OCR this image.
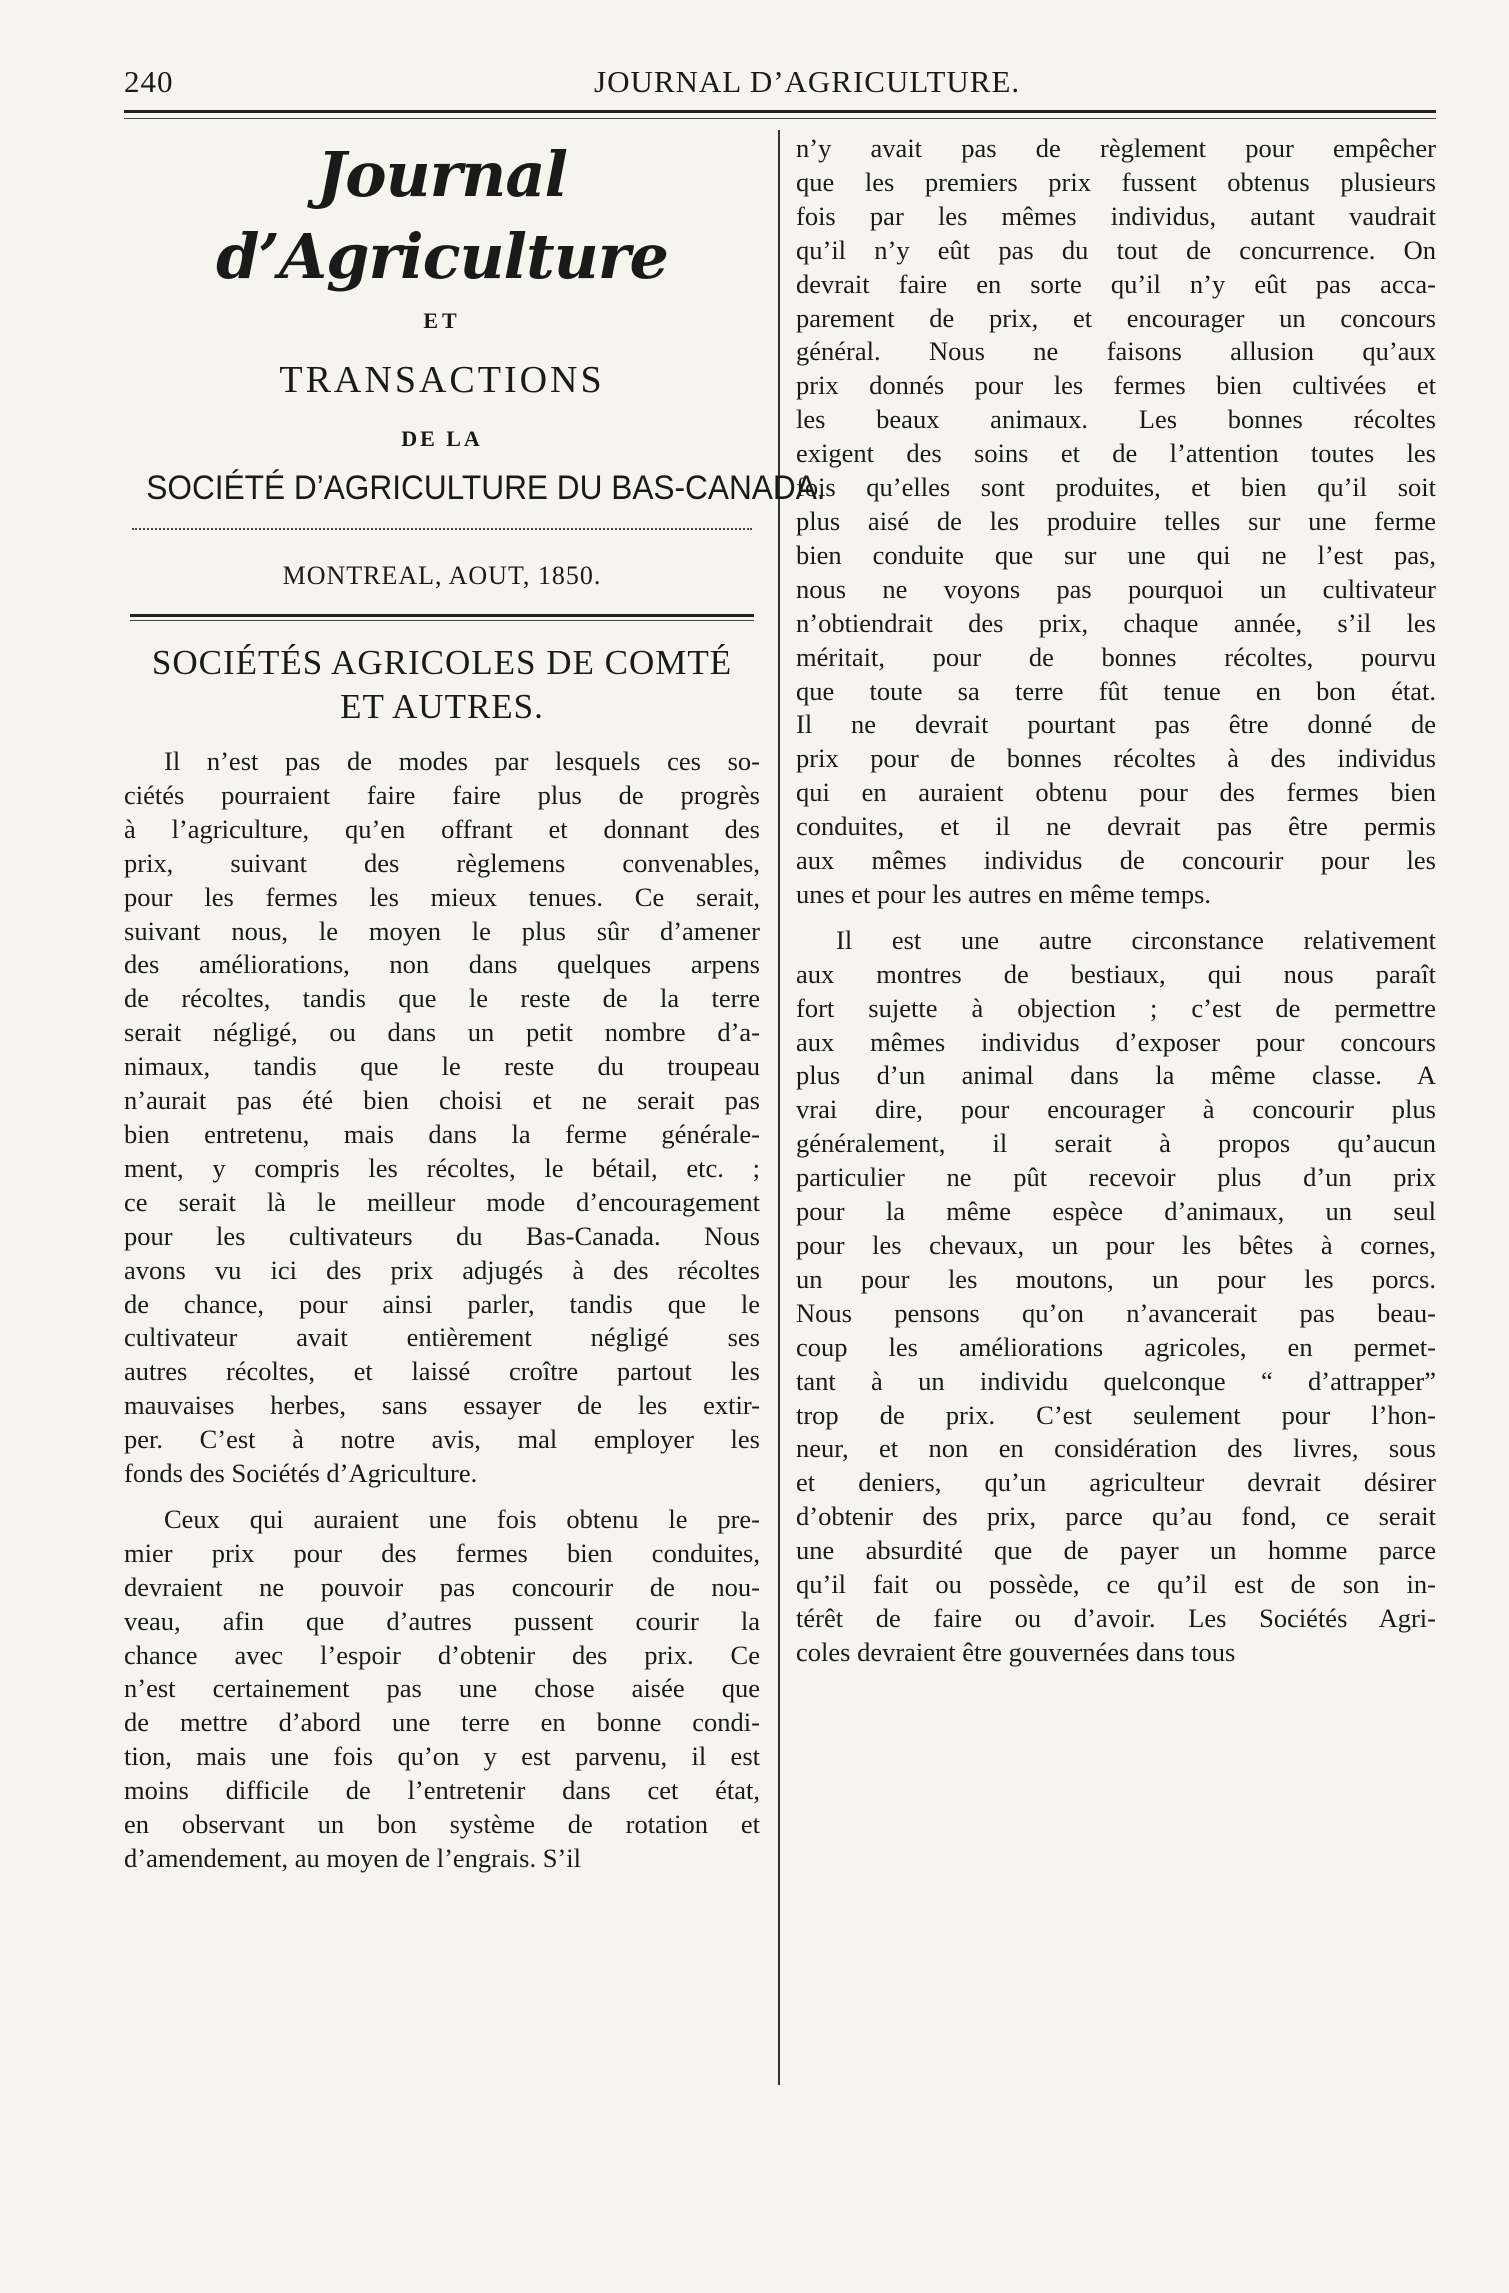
240	JOURNAL D’AGRICULTURE.
Journal d’Agriculture
ET
TRANSACTIONS
DE LA
SOCIÉTÉ D’AGRICULTURE DU BAS-CANADA.
MONTREAL, AOUT, 1850.
SOCIÉTÉS AGRICOLES DE COMTÉ
ET AUTRES.
Il n’est pas de modes par lesquels ces so-
ciétés pourraient faire faire plus de progrès
à l’agriculture, qu’en offrant et donnant des
prix, suivant des règlemens convenables,
pour les fermes les mieux tenues. Ce serait,
suivant nous, le moyen le plus sûr d’amener
des améliorations, non dans quelques arpens
de récoltes, tandis que le reste de la terre
serait négligé, ou dans un petit nombre d’a-
nimaux, tandis que le reste du troupeau
n’aurait pas été bien choisi et ne serait pas
bien entretenu, mais dans la ferme générale-
ment, y compris les récoltes, le bétail, etc. ;
ce serait là le meilleur mode d’encouragement
pour les cultivateurs du Bas-Canada. Nous
avons vu ici des prix adjugés à des récoltes
de chance, pour ainsi parler, tandis que le
cultivateur avait entièrement négligé ses
autres récoltes, et laissé croître partout les
mauvaises herbes, sans essayer de les extir-
per. C’est à notre avis, mal employer les
fonds des Sociétés d’Agriculture.
Ceux qui auraient une fois obtenu le pre-
mier prix pour des fermes bien conduites,
devraient ne pouvoir pas concourir de nou-
veau, afin que d’autres pussent courir la
chance avec l’espoir d’obtenir des prix. Ce
n’est certainement pas une chose aisée que
de mettre d’abord une terre en bonne condi-
tion, mais une fois qu’on y est parvenu, il est
moins difficile de l’entretenir dans cet état,
en observant un bon système de rotation et
d’amendement, au moyen de l’engrais. S’il
n’y avait pas de règlement pour empêcher
que les premiers prix fussent obtenus plusieurs
fois par les mêmes individus, autant vaudrait
qu’il n’y eût pas du tout de concurrence. On
devrait faire en sorte qu’il n’y eût pas acca-
parement de prix, et encourager un concours
général. Nous ne faisons allusion qu’aux
prix donnés pour les fermes bien cultivées et
les beaux animaux. Les bonnes récoltes
exigent des soins et de l’attention toutes les
fois qu’elles sont produites, et bien qu’il soit
plus aisé de les produire telles sur une ferme
bien conduite que sur une qui ne l’est pas,
nous ne voyons pas pourquoi un cultivateur
n’obtiendrait des prix, chaque année, s’il les
méritait, pour de bonnes récoltes, pourvu
que toute sa terre fût tenue en bon état.
Il ne devrait pourtant pas être donné de
prix pour de bonnes récoltes à des individus
qui en auraient obtenu pour des fermes bien
conduites, et il ne devrait pas être permis
aux mêmes individus de concourir pour les
unes et pour les autres en même temps.
Il est une autre circonstance relativement
aux montres de bestiaux, qui nous paraît
fort sujette à objection ; c’est de permettre
aux mêmes individus d’exposer pour concours
plus d’un animal dans la même classe. A
vrai dire, pour encourager à concourir plus
généralement, il serait à propos qu’aucun
particulier ne pût recevoir plus d’un prix
pour la même espèce d’animaux, un seul
pour les chevaux, un pour les bêtes à cornes,
un pour les moutons, un pour les porcs.
Nous pensons qu’on n’avancerait pas beau-
coup les améliorations agricoles, en permet-
tant à un individu quelconque “ d’attrapper”
trop de prix. C’est seulement pour l’hon-
neur, et non en considération des livres, sous
et deniers, qu’un agriculteur devrait désirer
d’obtenir des prix, parce qu’au fond, ce serait
une absurdité que de payer un homme parce
qu’il fait ou possède, ce qu’il est de son in-
térêt de faire ou d’avoir. Les Sociétés Agri-
coles devraient être gouvernées dans tous
